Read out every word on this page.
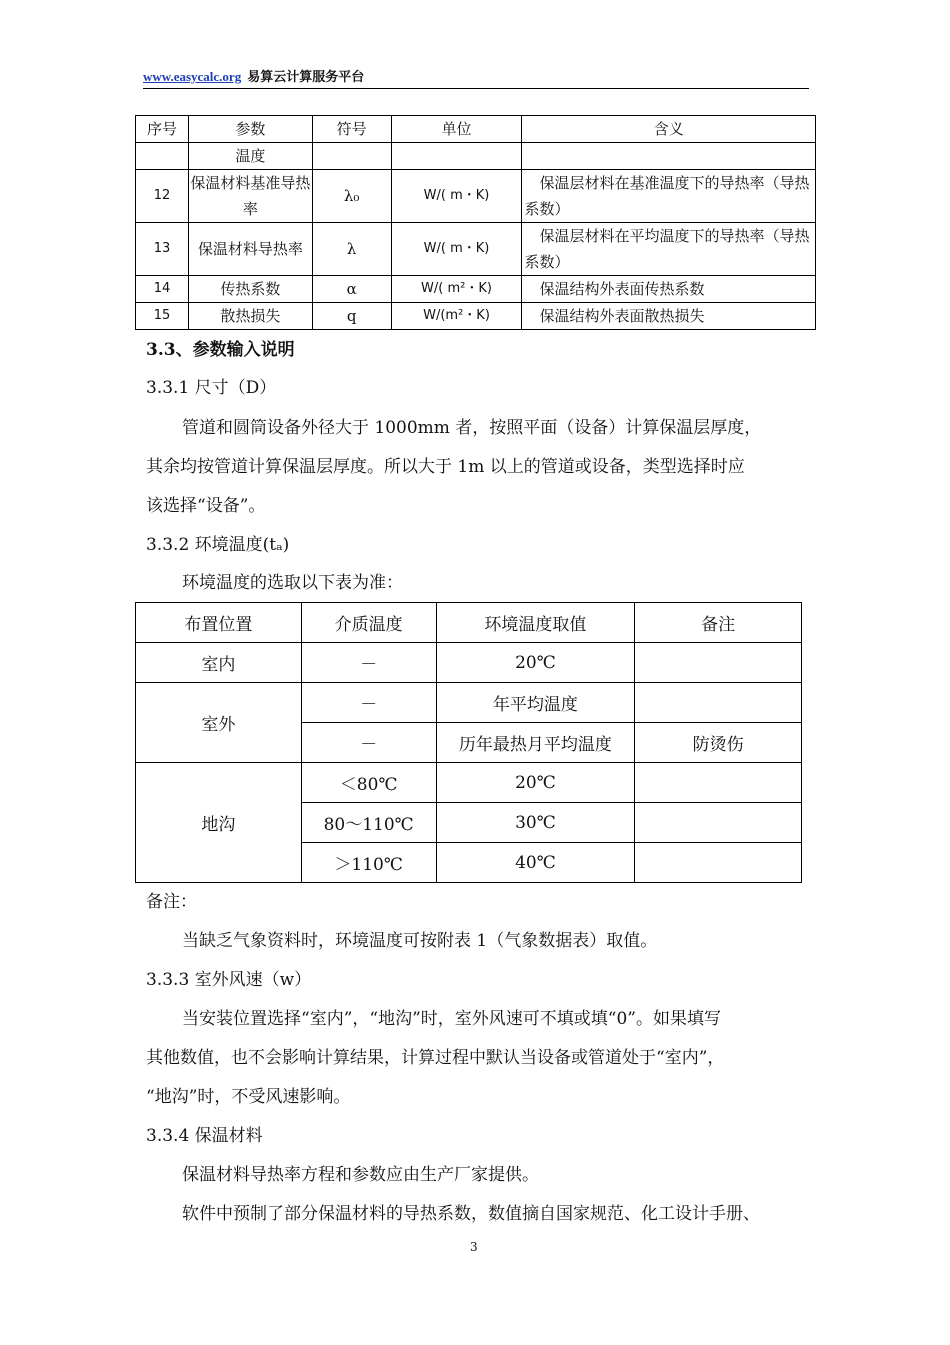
www.easycalc.org 易算云计算服务平台
序号	参数	符号	单位	含义
	温度			
12	保温材料基准导热率	λ₀	W/( m・K)	　保温层材料在基准温度下的导热率（导热系数）
13	保温材料导热率	λ	W/( m・K)	　保温层材料在平均温度下的导热率（导热系数）
14	传热系数	α	W/( m²・K)	　保温结构外表面传热系数
15	散热损失	q	W/(m²・K)	　保温结构外表面散热损失
3.3、参数输入说明
3.3.1 尺寸（D）
管道和圆筒设备外径大于 1000mm 者，按照平面（设备）计算保温层厚度，
其余均按管道计算保温层厚度。所以大于 1m 以上的管道或设备，类型选择时应
该选择“设备”。
3.3.2 环境温度(tₐ)
环境温度的选取以下表为准：
布置位置	介质温度	环境温度取值	备注
室内	－	20℃	
室外	－	年平均温度	
	－	历年最热月平均温度	防烫伤
地沟	＜80℃	20℃	
	80～110℃	30℃	
	＞110℃	40℃	
备注：
当缺乏气象资料时，环境温度可按附表 1（气象数据表）取值。
3.3.3 室外风速（w）
当安装位置选择“室内”，“地沟”时，室外风速可不填或填“0”。如果填写
其他数值，也不会影响计算结果，计算过程中默认当设备或管道处于“室内”，
“地沟”时，不受风速影响。
3.3.4 保温材料
保温材料导热率方程和参数应由生产厂家提供。
软件中预制了部分保温材料的导热系数，数值摘自国家规范、化工设计手册、
3
